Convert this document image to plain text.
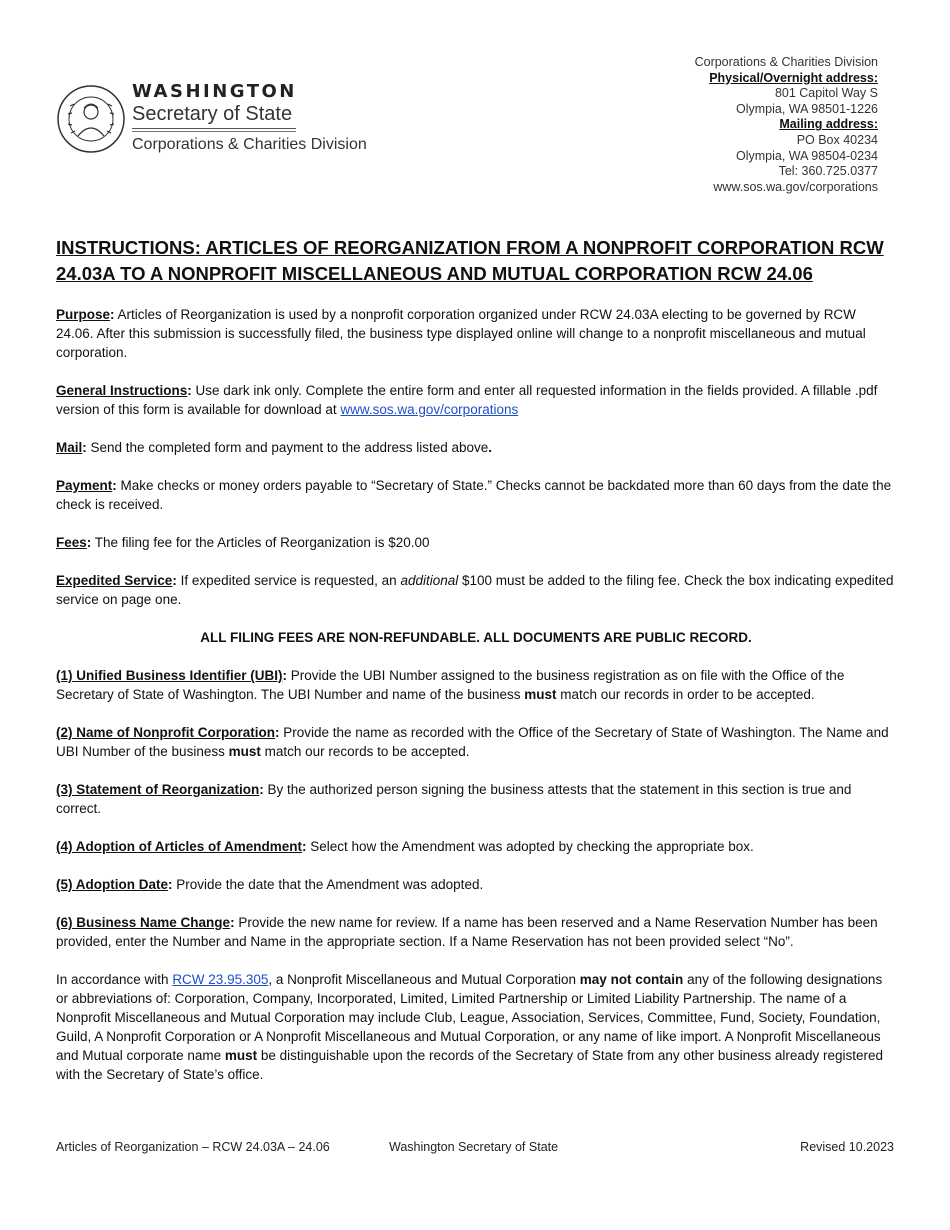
WASHINGTON
Secretary of State
Corporations & Charities Division
Corporations & Charities Division
Physical/Overnight address:
801 Capitol Way S
Olympia, WA 98501-1226
Mailing address:
PO Box 40234
Olympia, WA 98504-0234
Tel: 360.725.0377
www.sos.wa.gov/corporations
INSTRUCTIONS: ARTICLES OF REORGANIZATION FROM A NONPROFIT CORPORATION RCW
24.03A TO A NONPROFIT MISCELLANEOUS AND MUTUAL CORPORATION RCW 24.06

Purpose: Articles of Reorganization is used by a nonprofit corporation organized under RCW 24.03A electing to be governed by RCW 24.06. After this submission is successfully filed, the business type displayed online will change to a nonprofit miscellaneous and mutual corporation.

General Instructions: Use dark ink only. Complete the entire form and enter all requested information in the fields provided. A fillable .pdf version of this form is available for download at www.sos.wa.gov/corporations

Mail: Send the completed form and payment to the address listed above.

Payment: Make checks or money orders payable to “Secretary of State.” Checks cannot be backdated more than 60 days from the date the check is received.

Fees: The filing fee for the Articles of Reorganization is $20.00

Expedited Service: If expedited service is requested, an additional $100 must be added to the filing fee. Check the box indicating expedited service on page one.

ALL FILING FEES ARE NON-REFUNDABLE. ALL DOCUMENTS ARE PUBLIC RECORD.

(1) Unified Business Identifier (UBI): Provide the UBI Number assigned to the business registration as on file with the Office of the Secretary of State of Washington. The UBI Number and name of the business must match our records in order to be accepted.

(2) Name of Nonprofit Corporation: Provide the name as recorded with the Office of the Secretary of State of Washington. The Name and UBI Number of the business must match our records to be accepted.

(3) Statement of Reorganization: By the authorized person signing the business attests that the statement in this section is true and correct.

(4) Adoption of Articles of Amendment: Select how the Amendment was adopted by checking the appropriate box.

(5) Adoption Date: Provide the date that the Amendment was adopted.

(6) Business Name Change: Provide the new name for review. If a name has been reserved and a Name Reservation Number has been provided, enter the Number and Name in the appropriate section. If a Name Reservation has not been provided select “No”.

In accordance with RCW 23.95.305, a Nonprofit Miscellaneous and Mutual Corporation may not contain any of the following designations or abbreviations of: Corporation, Company, Incorporated, Limited, Limited Partnership or Limited Liability Partnership. The name of a Nonprofit Miscellaneous and Mutual Corporation may include Club, League, Association, Services, Committee, Fund, Society, Foundation, Guild, A Nonprofit Corporation or A Nonprofit Miscellaneous and Mutual Corporation, or any name of like import. A Nonprofit Miscellaneous and Mutual corporate name must be distinguishable upon the records of the Secretary of State from any other business already registered with the Secretary of State’s office.

Articles of Reorganization – RCW 24.03A – 24.06	Washington Secretary of State	Revised 10.2023
